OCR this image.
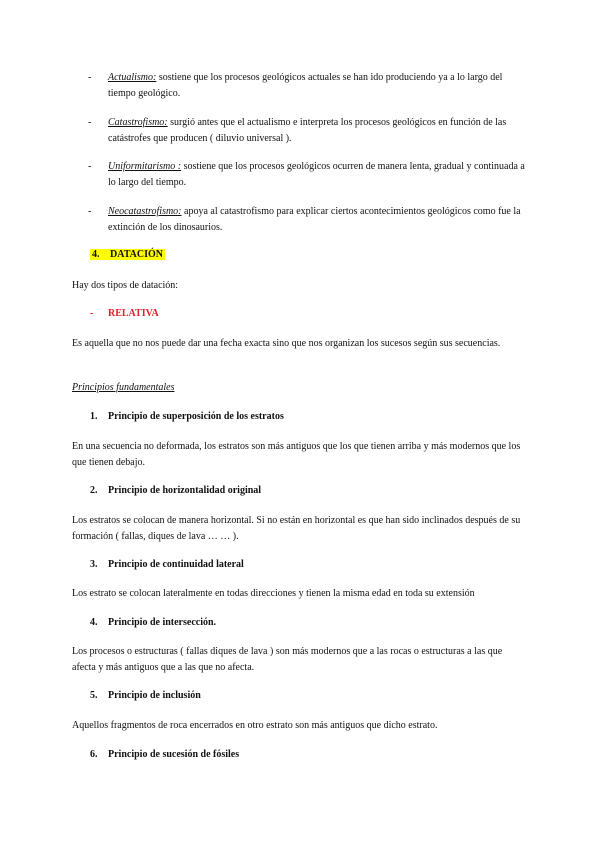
- Actualismo: sostiene que los procesos geológicos actuales se han ido produciendo ya a lo largo del tiempo geológico.
- Catastrofismo: surgió antes que el actualismo e interpreta los procesos geológicos en función de las catástrofes que producen ( diluvio universal ).
- Uniformitarismo : sostiene que los procesos geológicos ocurren de manera lenta, gradual y continuada a lo largo del tiempo.
- Neocatastrofismo: apoya al catastrofismo para explicar ciertos acontecimientos geológicos como fue la extinción de los dinosaurios.
4. DATACIÓN
Hay dos tipos de datación:
- RELATIVA
Es aquella que no nos puede dar una fecha exacta sino que nos organizan los sucesos según sus secuencias.
Principios fundamentales
1. Principio de superposición de los estratos
En una secuencia no deformada, los estratos son más antiguos que los que tienen arriba y más modernos que los que tienen debajo.
2. Principio de horizontalidad original
Los estratos se colocan de manera horizontal. Si no están en horizontal es que han sido inclinados después de su formación ( fallas, diques de lava … … ).
3. Principio de continuidad lateral
Los estrato se colocan lateralmente en todas direcciones y tienen la misma edad en toda su extensión
4. Principio de intersección.
Los procesos o estructuras ( fallas diques de lava ) son más modernos que a las rocas o estructuras a las que afecta y más antiguos que a las que no afecta.
5. Principio de inclusión
Aquellos fragmentos de roca encerrados en otro estrato son más antiguos que dicho estrato.
6. Principio de sucesión de fósiles
